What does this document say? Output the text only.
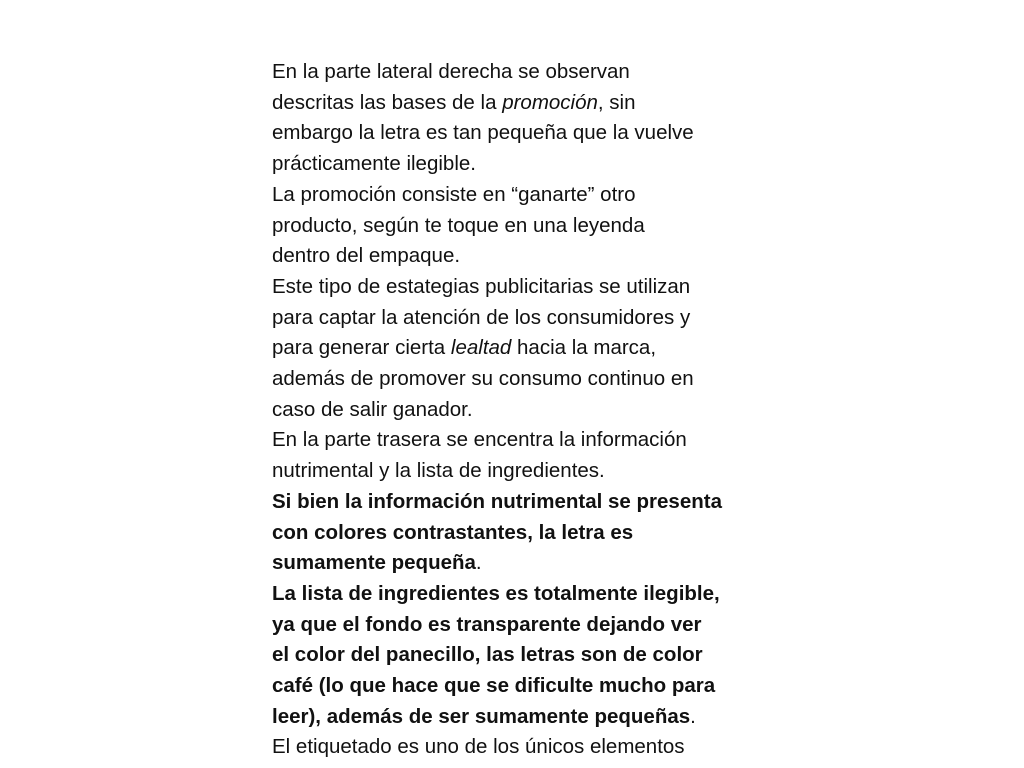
En la parte lateral derecha se observan
descritas las bases de la promoción, sin
embargo la letra es tan pequeña que la vuelve
prácticamente ilegible.

La promoción consiste en “ganarte” otro
producto, según te toque en una leyenda
dentro del empaque.

Este tipo de estategias publicitarias se utilizan
para captar la atención de los consumidores y
para generar cierta lealtad hacia la marca,
además de promover su consumo continuo en
caso de salir ganador.

En la parte trasera se encentra la información
nutrimental y la lista de ingredientes.

Si bien la información nutrimental se presenta
con colores contrastantes, la letra es
sumamente pequeña.

La lista de ingredientes es totalmente ilegible,
ya que el fondo es transparente dejando ver
el color del panecillo, las letras son de color
café (lo que hace que se dificulte mucho para
leer), además de ser sumamente pequeñas.

El etiquetado es uno de los únicos elementos
